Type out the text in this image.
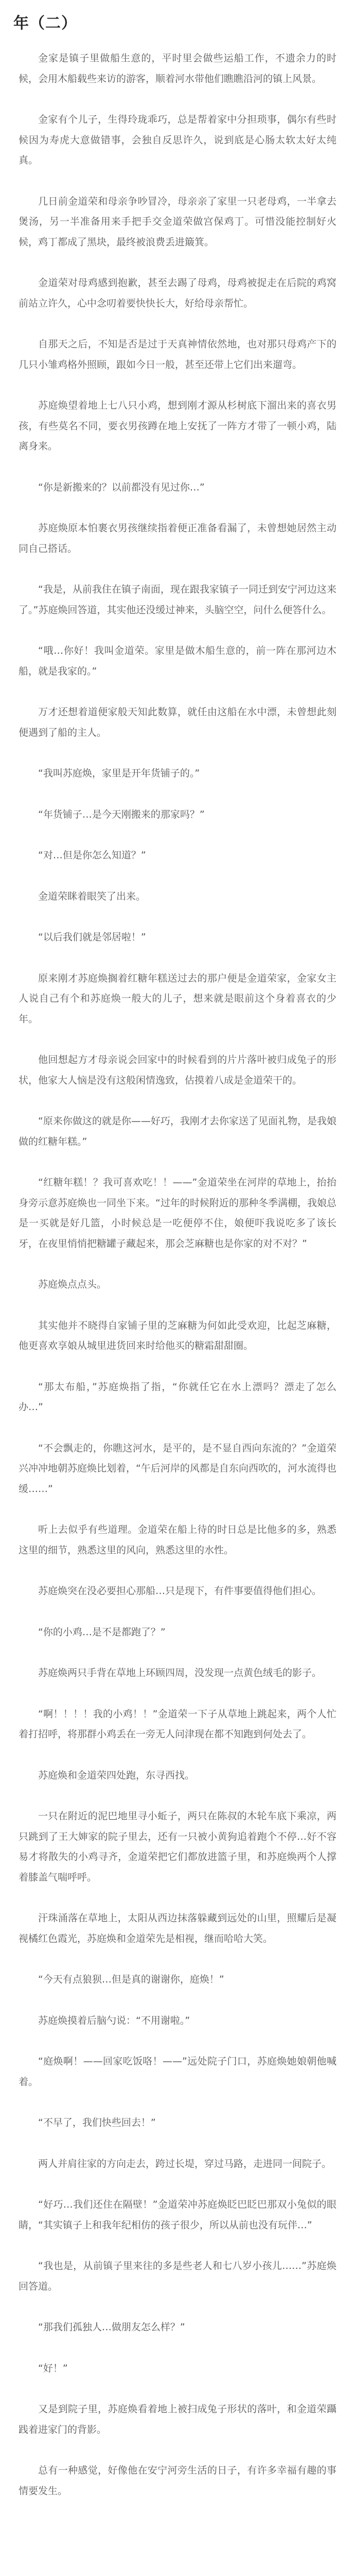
年（二）

金家是镇子里做船生意的，平时里会做些运船工作，不遗余力的时候，会用木船载些来访的游客，顺着河水带他们瞧瞧沿河的镇上风景。

金家有个儿子，生得玲珑乖巧，总是帮着家中分担琐事，偶尔有些时候因为寿虎大意做错事，会独自反思许久，说到底是心肠太软太好太纯真。

几日前金道荣和母亲争吵冒冷，母亲亲了家里一只老母鸡，一半拿去煲汤，另一半准备用来手把手交金道荣做宫保鸡丁。可惜没能控制好火候，鸡丁都成了黑块，最终被浪费丢进簸箕。

金道荣对母鸡感到抱歉，甚至去踢了母鸡，母鸡被捉走在后院的鸡窝前站立许久，心中念叨着要快快长大，好给母亲帮忙。

自那天之后，不知是否是过于天真神情依然地，也对那只母鸡产下的几只小雏鸡格外照顾，跟如今日一般，甚至还带上它们出来遛弯。

苏庭焕望着地上七八只小鸡，想到刚才源从杉树底下溜出来的喜衣男孩，有些莫名不同，要衣男孩蹲在地上安抚了一阵方才带了一顿小鸡，陆离身来。

“你是新搬来的？以前都没有见过你…”

苏庭焕原本怕裹衣男孩继续指着便正准备看漏了，未曾想她居然主动同自己搭话。

“我是，从前我住在镇子南面，现在跟我家镇子一同迁到安宁河边这来了。”苏庭焕回答道，其实他还没缓过神来，头脑空空，问什么便答什么。

“哦…你好！我叫金道荣。家里是做木船生意的，前一阵在那河边木船，就是我家的。”

万才还想着道便家般天知此数算，就任由这船在水中漂，未曾想此刻便遇到了船的主人。

“我叫苏庭焕，家里是开年货铺子的。”

“年货铺子…是今天刚搬来的那家吗？”

“对…但是你怎么知道？”

金道荣眯着眼笑了出来。

“以后我们就是邻居啦！”

原来刚才苏庭焕搁着红糖年糕送过去的那户便是金道荣家，金家女主人说自己有个和苏庭焕一般大的儿子，想来就是眼前这个身着喜衣的少年。

他回想起方才母亲说会回家中的时候看到的片片落叶被归成兔子的形状，他家大人恼是没有这般闲情逸致，估摸着八成是金道荣干的。

“原来你做这的就是你——好巧，我刚才去你家送了见面礼物，是我娘做的红糖年糕。”

“红糖年糕！？我可喜欢吃！！——”金道荣坐在河岸的草地上，抬抬身旁示意苏庭焕也一同坐下来。“过年的时候附近的那种冬季满棚，我娘总是一买就是好几篮，小时候总是一吃便停不住，娘便吓我说吃多了该长牙，在夜里悄悄把糖罐子藏起来，那会芝麻糖也是你家的对不对？”

苏庭焕点点头。

其实他并不晓得自家铺子里的芝麻糖为何如此受欢迎，比起芝麻糖，他更喜欢享娘从城里进货回来时给他买的糖霜甜甜圈。

“那太布船，”苏庭焕指了指，“你就任它在水上漂吗？漂走了怎么办…”

“不会飘走的，你瞧这河水，是平的，是不显自西向东流的？”金道荣兴冲冲地朝苏庭焕比划着，“午后河岸的风都是自东向西吹的，河水流得也缓……”

听上去似乎有些道理。金道荣在船上待的时日总是比他多的多，熟悉这里的细节，熟悉这里的风向，熟悉这里的水性。

苏庭焕突在没必要担心那船…只是现下，有件事要值得他们担心。

“你的小鸡…是不是都跑了？”

苏庭焕两只手背在草地上环顾四周，没发现一点黄色绒毛的影子。

“啊！！！！我的小鸡！！”金道荣一下子从草地上跳起来，两个人忙着打招呼，将那群小鸡丢在一旁无人问津现在都不知跑到何处去了。

苏庭焕和金道荣四处跑，东寻西找。

一只在附近的泥巴地里寻小蚯子，两只在陈叔的木轮车底下乘凉，两只跳到了王大婶家的院子里去，还有一只被小黄狗追着跑个不停…好不容易才将散失的小鸡寻齐，金道荣把它们都放进篮子里，和苏庭焕两个人撑着膝盖气喘呼呼。

汗珠涌落在草地上，太阳从西边抹落躲藏到远处的山里，照耀后是凝视橘红色霞光，苏庭焕和金道荣先是相视，继而哈哈大笑。

“今天有点狼狈…但是真的谢谢你，庭焕！”

苏庭焕摸着后脑勺说：“不用谢啦。”

“庭焕啊！——回家吃饭咯！——”远处院子门口，苏庭焕她娘朝他喊着。

“不早了，我们快些回去！”

两人并肩往家的方向走去，跨过长堤，穿过马路，走进同一间院子。

“好巧…我们还住在隔壁！”金道荣冲苏庭焕眨巴眨巴那双小兔似的眼睛，“其实镇子上和我年纪相仿的孩子很少，所以从前也没有玩伴…”

“我也是，从前镇子里来往的多是些老人和七八岁小孩儿……”苏庭焕回答道。

“那我们孤独人…做朋友怎么样？”

“好！”

又是到院子里，苏庭焕看着地上被扫成兔子形状的落叶，和金道荣躡践着进家门的背影。

总有一种感觉，好像他在安宁河旁生活的日子，有许多幸福有趣的事情要发生。
